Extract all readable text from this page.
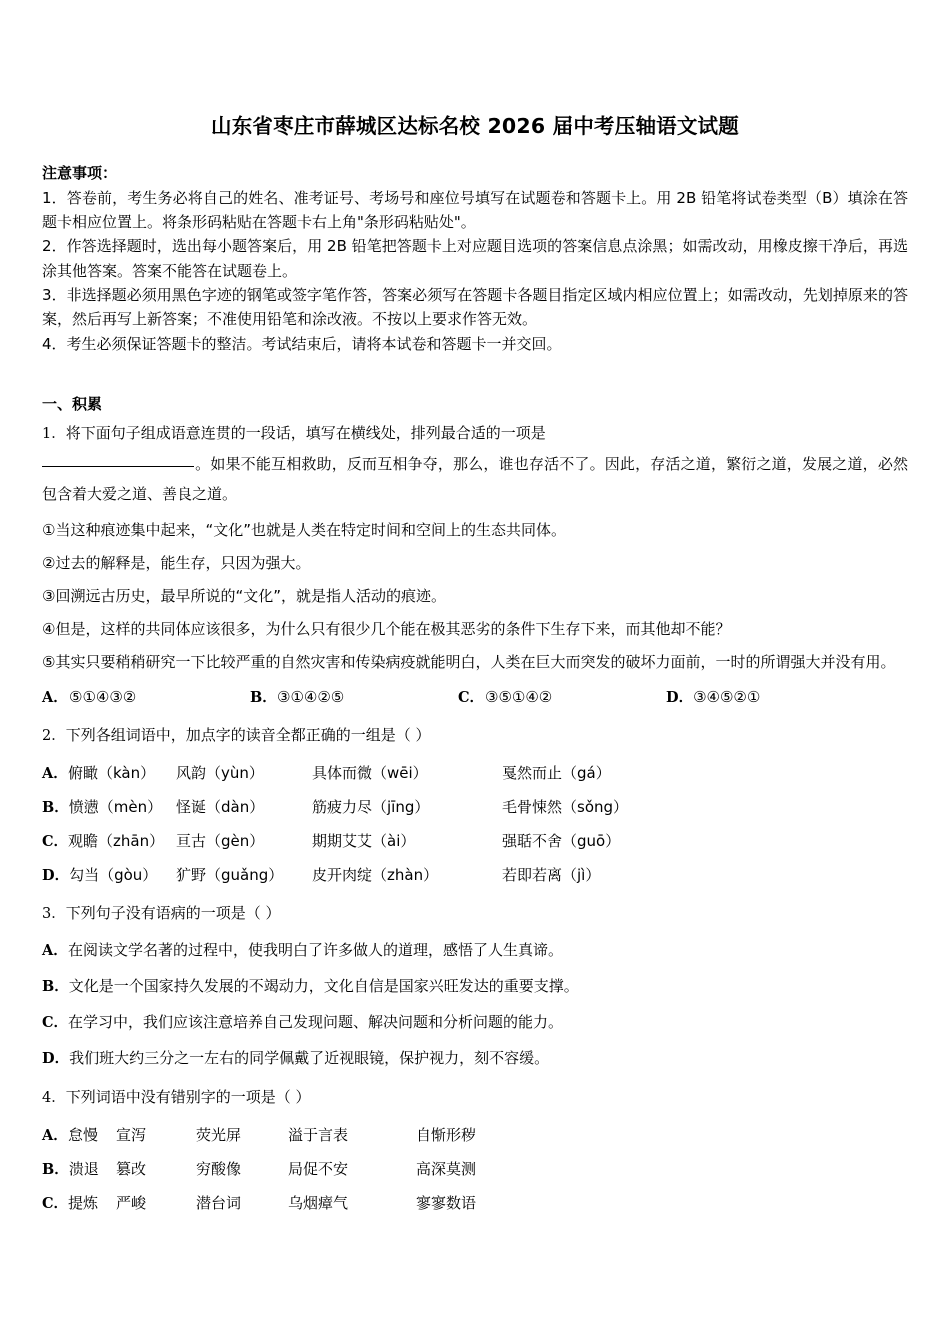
山东省枣庄市薛城区达标名校 2026 届中考压轴语文试题
注意事项：

1．答卷前，考生务必将自己的姓名、准考证号、考场号和座位号填写在试题卷和答题卡上。用 2B 铅笔将试卷类型（B）填涂在答题卡相应位置上。将条形码粘贴在答题卡右上角"条形码粘贴处"。

2．作答选择题时，选出每小题答案后，用 2B 铅笔把答题卡上对应题目选项的答案信息点涂黑；如需改动，用橡皮擦干净后，再选涂其他答案。答案不能答在试题卷上。

3．非选择题必须用黑色字迹的钢笔或签字笔作答，答案必须写在答题卡各题目指定区域内相应位置上；如需改动，先划掉原来的答案，然后再写上新答案；不准使用铅笔和涂改液。不按以上要求作答无效。

4．考生必须保证答题卡的整洁。考试结束后，请将本试卷和答题卡一并交回。

一、积累

1．将下面句子组成语意连贯的一段话，填写在横线处，排列最合适的一项是

。如果不能互相救助，反而互相争夺，那么，谁也存活不了。因此，存活之道，繁衍之道，发展之道，必然包含着大爱之道、善良之道。

①当这种痕迹集中起来，“文化”也就是人类在特定时间和空间上的生态共同体。

②过去的解释是，能生存，只因为强大。

③回溯远古历史，最早所说的“文化”，就是指人活动的痕迹。

④但是，这样的共同体应该很多，为什么只有很少几个能在极其恶劣的条件下生存下来，而其他却不能？

⑤其实只要稍稍研究一下比较严重的自然灾害和传染病疫就能明白，人类在巨大而突发的破坏力面前，一时的所谓强大并没有用。

A．⑤①④③②	B．③①④②⑤	C．③⑤①④②	D．③④⑤②①

2．下列各组词语中，加点字的读音全都正确的一组是（ ）

A．俯瞰（kàn）	风韵（yùn）	具体而微（wēi）	戛然而止（gá）
B．愤懑（mèn） 怪诞（dàn）	筋疲力尽（jīng）	毛骨悚然（sǒng）
C．观瞻（zhān） 亘古（gèn）	期期艾艾（ài）	强聒不舍（guō）
D．勾当（gòu）	犷野（guǎng）	皮开肉绽（zhàn）	若即若离（jì）

3．下列句子没有语病的一项是（ ）

A．在阅读文学名著的过程中，使我明白了许多做人的道理，感悟了人生真谛。

B．文化是一个国家持久发展的不竭动力，文化自信是国家兴旺发达的重要支撑。

C．在学习中，我们应该注意培养自己发现问题、解决问题和分析问题的能力。

D．我们班大约三分之一左右的同学佩戴了近视眼镜，保护视力，刻不容缓。

4．下列词语中没有错别字的一项是（ ）

A．怠慢	宣泻	荧光屏	溢于言表	自惭形秽
B．溃退	篡改	穷酸像	局促不安	高深莫测
C．提炼	严峻	潜台词	乌烟瘴气	寥寥数语
